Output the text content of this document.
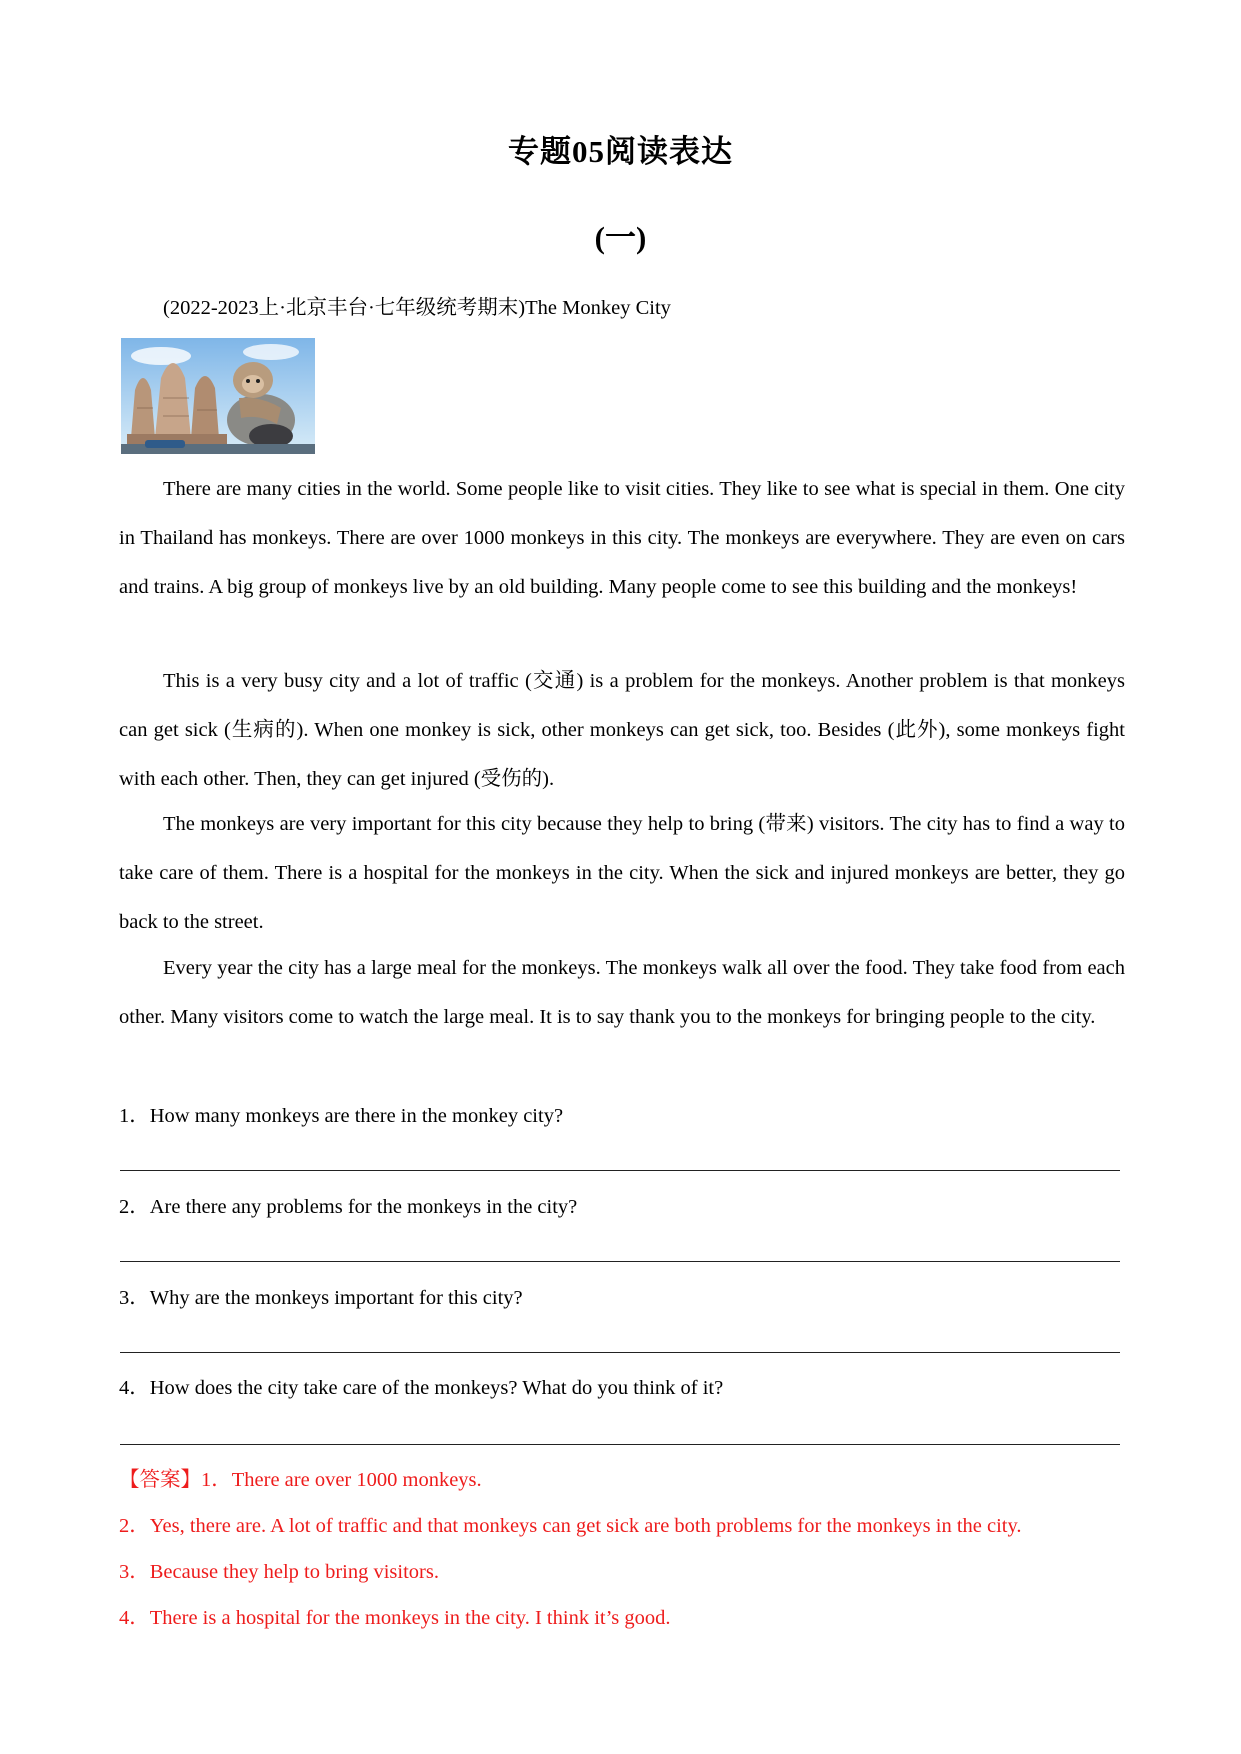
专题05阅读表达
(一)
(2022-2023上·北京丰台·七年级统考期末)The Monkey City

There are many cities in the world. Some people like to visit cities. They like to see what is special in them. One city in Thailand has monkeys. There are over 1000 monkeys in this city. The monkeys are everywhere. They are even on cars and trains. A big group of monkeys live by an old building. Many people come to see this building and the monkeys!

This is a very busy city and a lot of traffic (交通) is a problem for the monkeys. Another problem is that monkeys can get sick (生病的). When one monkey is sick, other monkeys can get sick, too. Besides (此外), some monkeys fight with each other. Then, they can get injured (受伤的).

The monkeys are very important for this city because they help to bring (带来) visitors. The city has to find a way to take care of them. There is a hospital for the monkeys in the city. When the sick and injured monkeys are better, they go back to the street.

Every year the city has a large meal for the monkeys. The monkeys walk all over the food. They take food from each other. Many visitors come to watch the large meal. It is to say thank you to the monkeys for bringing people to the city.

1．How many monkeys are there in the monkey city?
2．Are there any problems for the monkeys in the city?
3．Why are the monkeys important for this city?
4．How does the city take care of the monkeys? What do you think of it?
【答案】1．There are over 1000 monkeys.
2．Yes, there are. A lot of traffic and that monkeys can get sick are both problems for the monkeys in the city.
3．Because they help to bring visitors.
4．There is a hospital for the monkeys in the city. I think it’s good.
